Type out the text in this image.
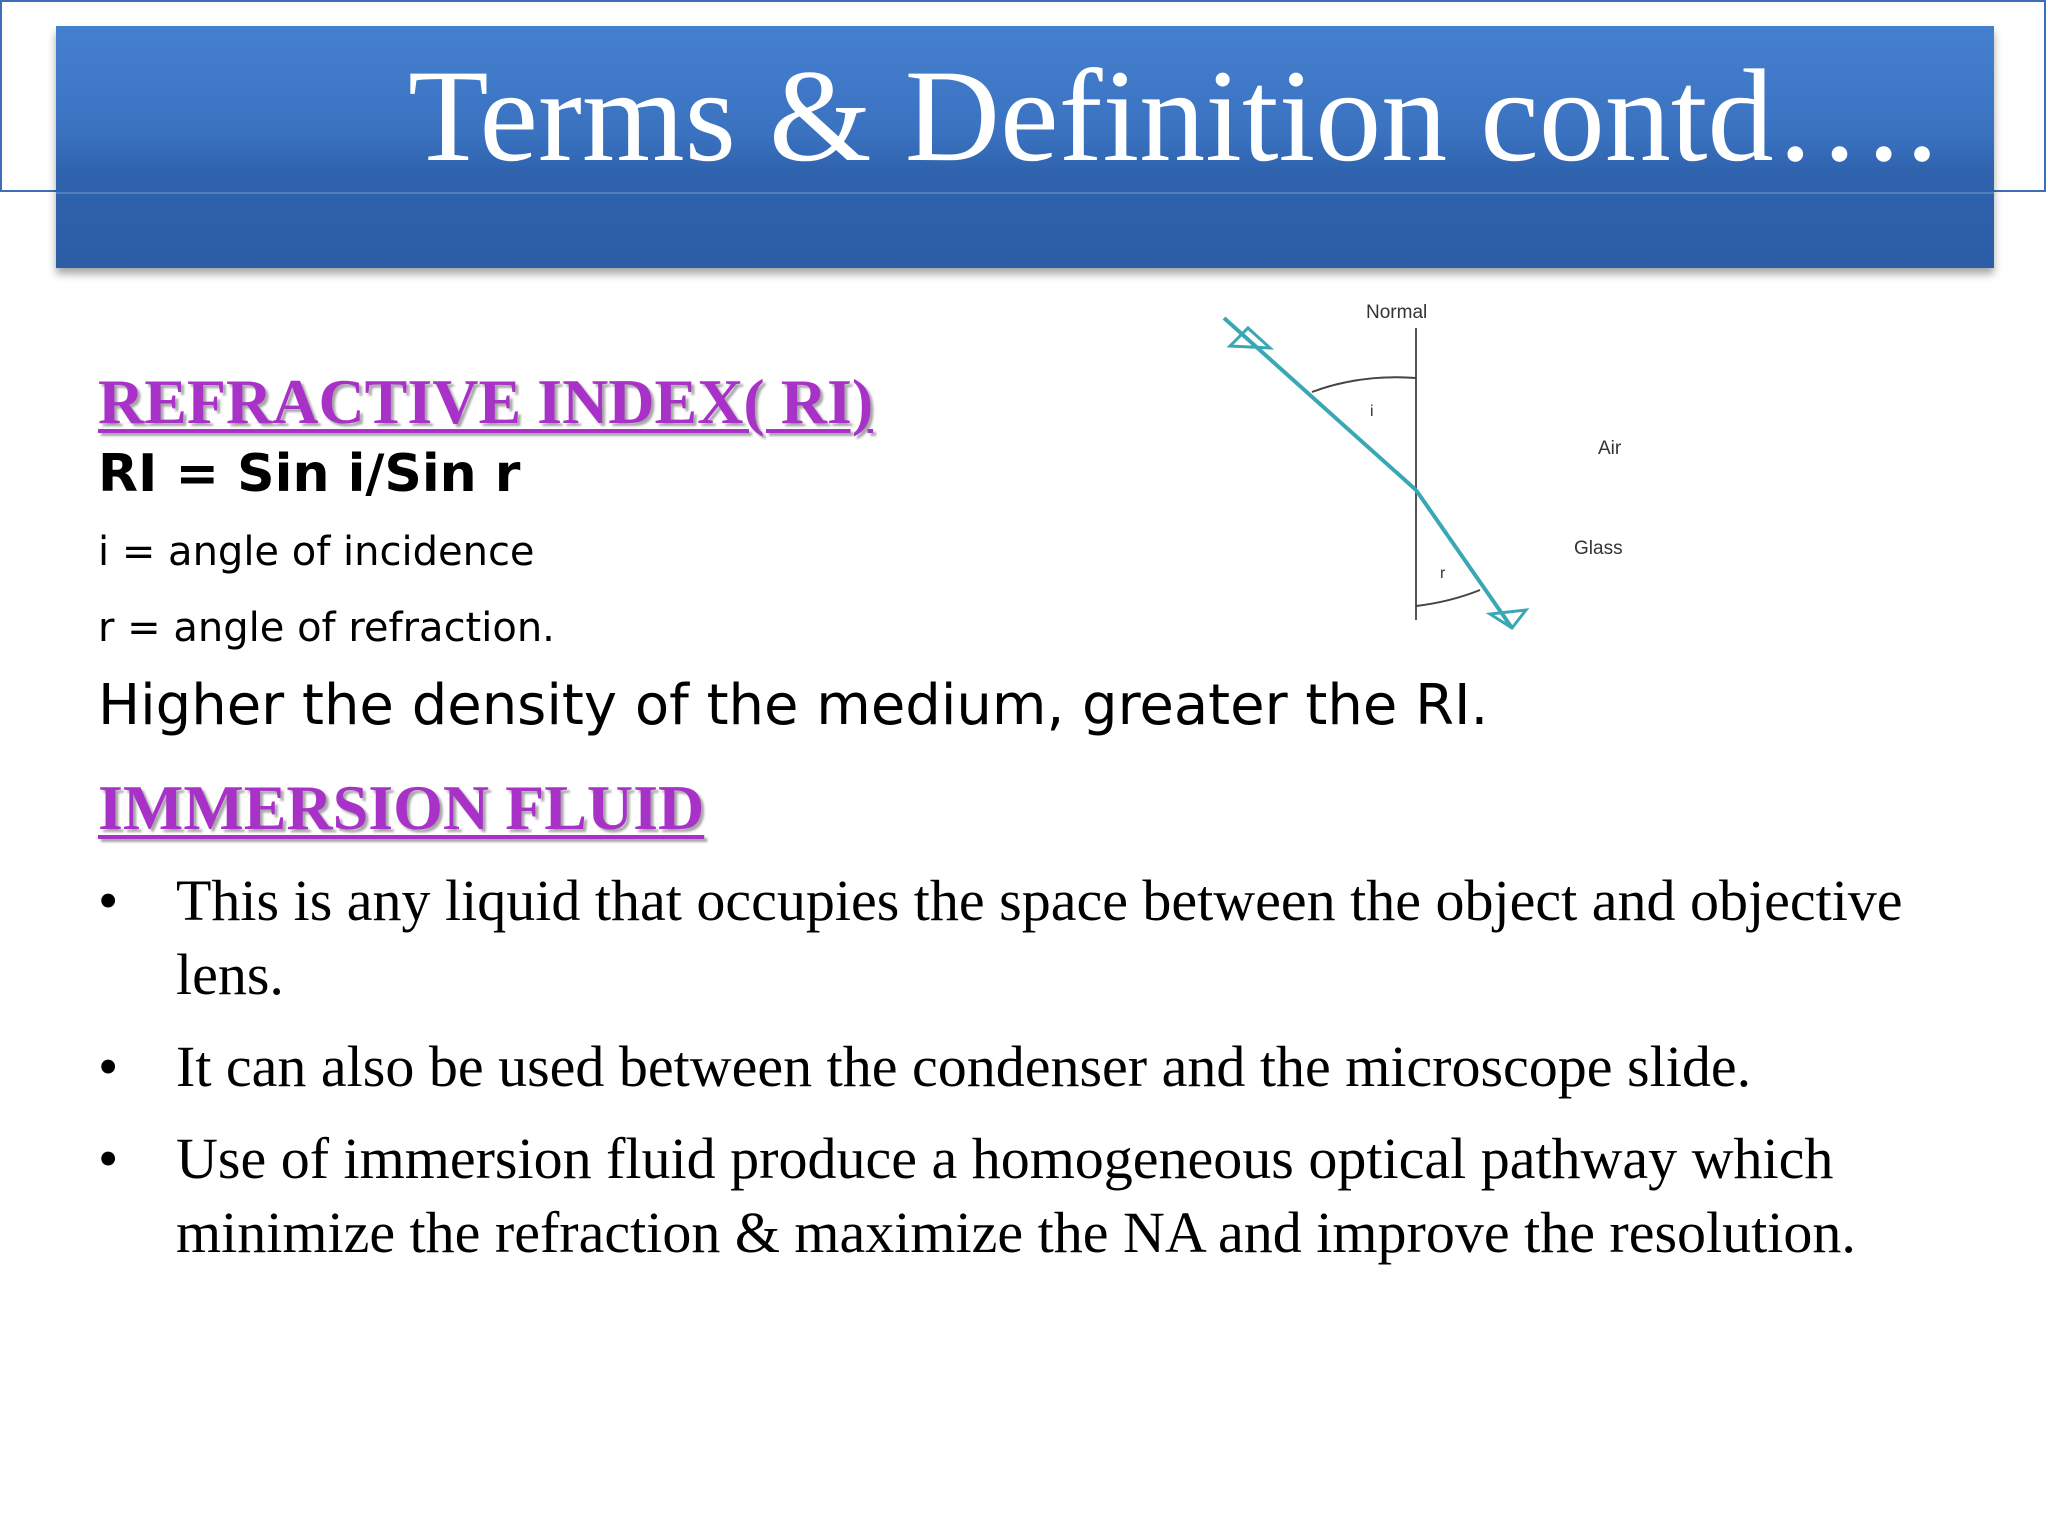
Terms & Definition contd….
REFRACTIVE INDEX( RI)
RI = Sin i/Sin r
i = angle of incidence
r = angle of refraction.
Higher the density of the medium, greater the RI.
Normal
Air
Glass
i
r
IMMERSION FLUID
• This is any liquid that occupies the space between the object and objective lens.
• It can also be used between the condenser and the microscope slide.
• Use of immersion fluid produce a homogeneous optical pathway which minimize the refraction & maximize the NA and improve the resolution.
